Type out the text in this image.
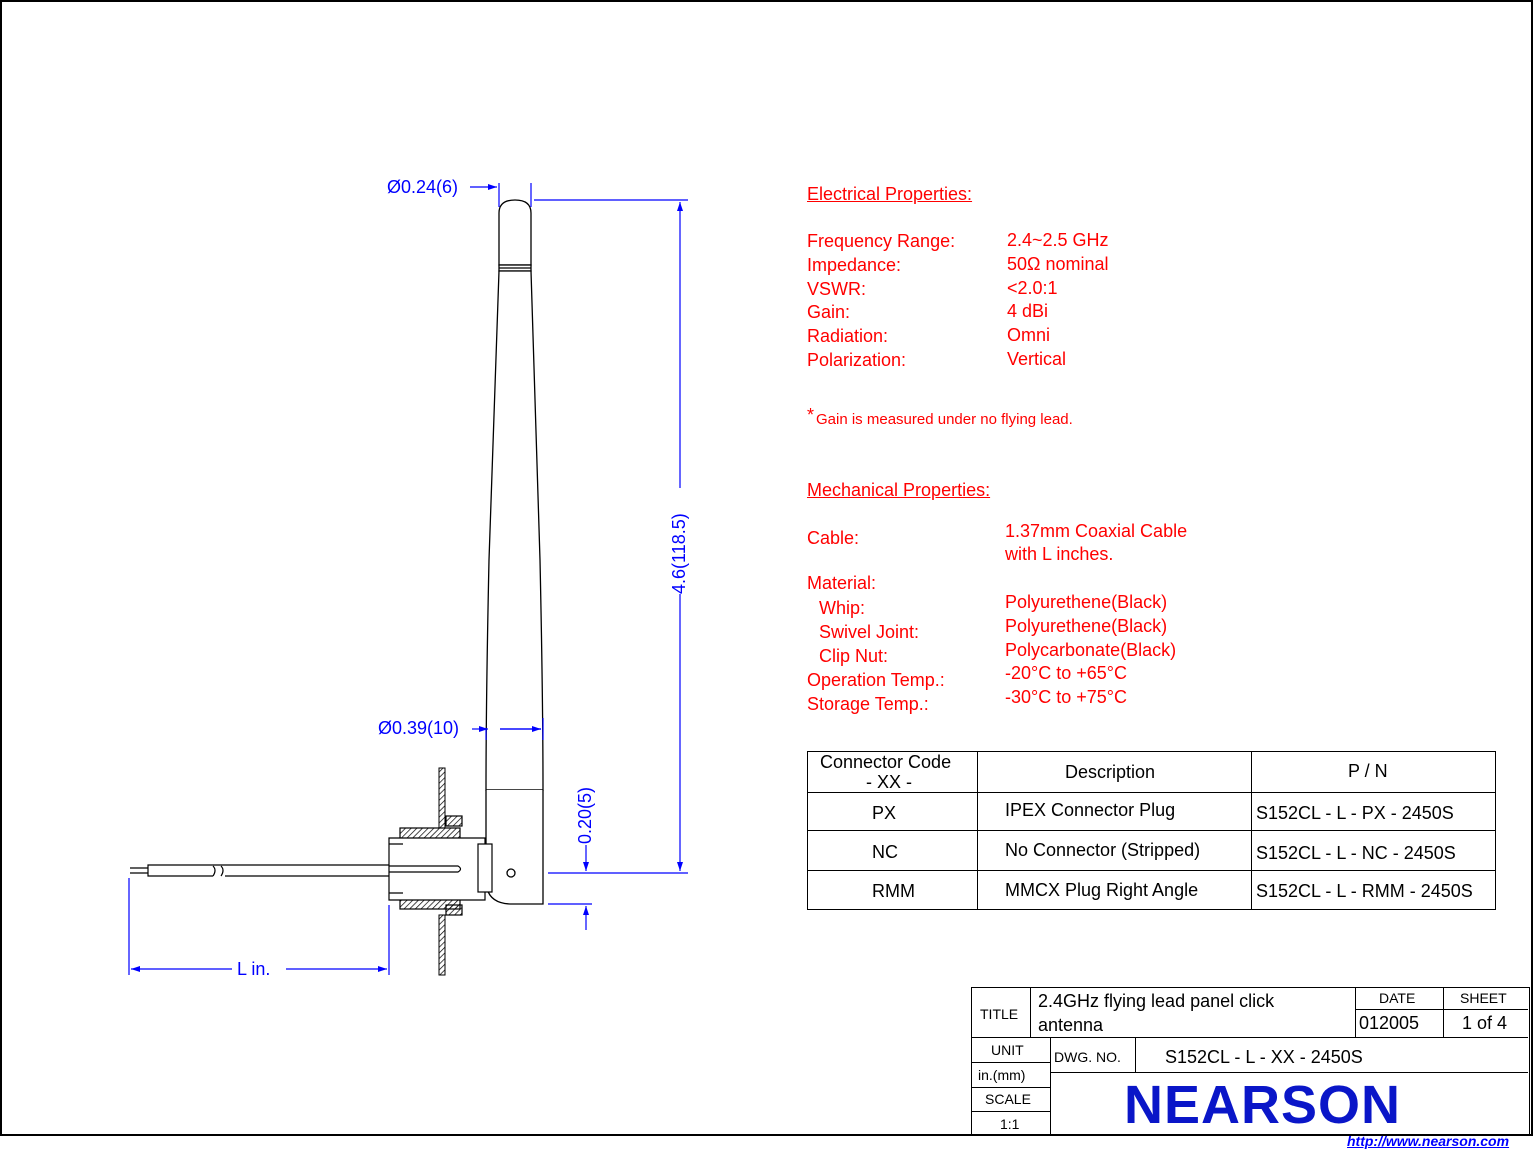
Ø0.24(6)
Ø0.39(10)
4.6(118.5)
0.20(5)
L in.
Electrical Properties:
Frequency Range:	2.4~2.5 GHz
Impedance:	50Ω nominal
VSWR:	<2.0:1
Gain:	4 dBi
Radiation:	Omni
Polarization:	Vertical
* Gain is measured under no flying lead.
Mechanical Properties:
Cable:	1.37mm Coaxial Cable
with L inches.
Material:
Whip:	Polyurethene(Black)
Swivel Joint:	Polyurethene(Black)
Clip Nut:	Polycarbonate(Black)
Operation Temp.:	-20°C to +65°C
Storage Temp.:	-30°C to +75°C
Connector Code
- XX -	Description	P / N
PX	IPEX Connector Plug	S152CL - L - PX - 2450S
NC	No Connector (Stripped)	S152CL - L - NC - 2450S
RMM	MMCX Plug Right Angle	S152CL - L - RMM - 2450S
TITLE
2.4GHz flying lead panel click
antenna
DATE
012005
SHEET
1 of 4
UNIT
in.(mm)
DWG. NO. S152CL - L - XX - 2450S
SCALE
1:1 NEARSON
http://www.nearson.com
